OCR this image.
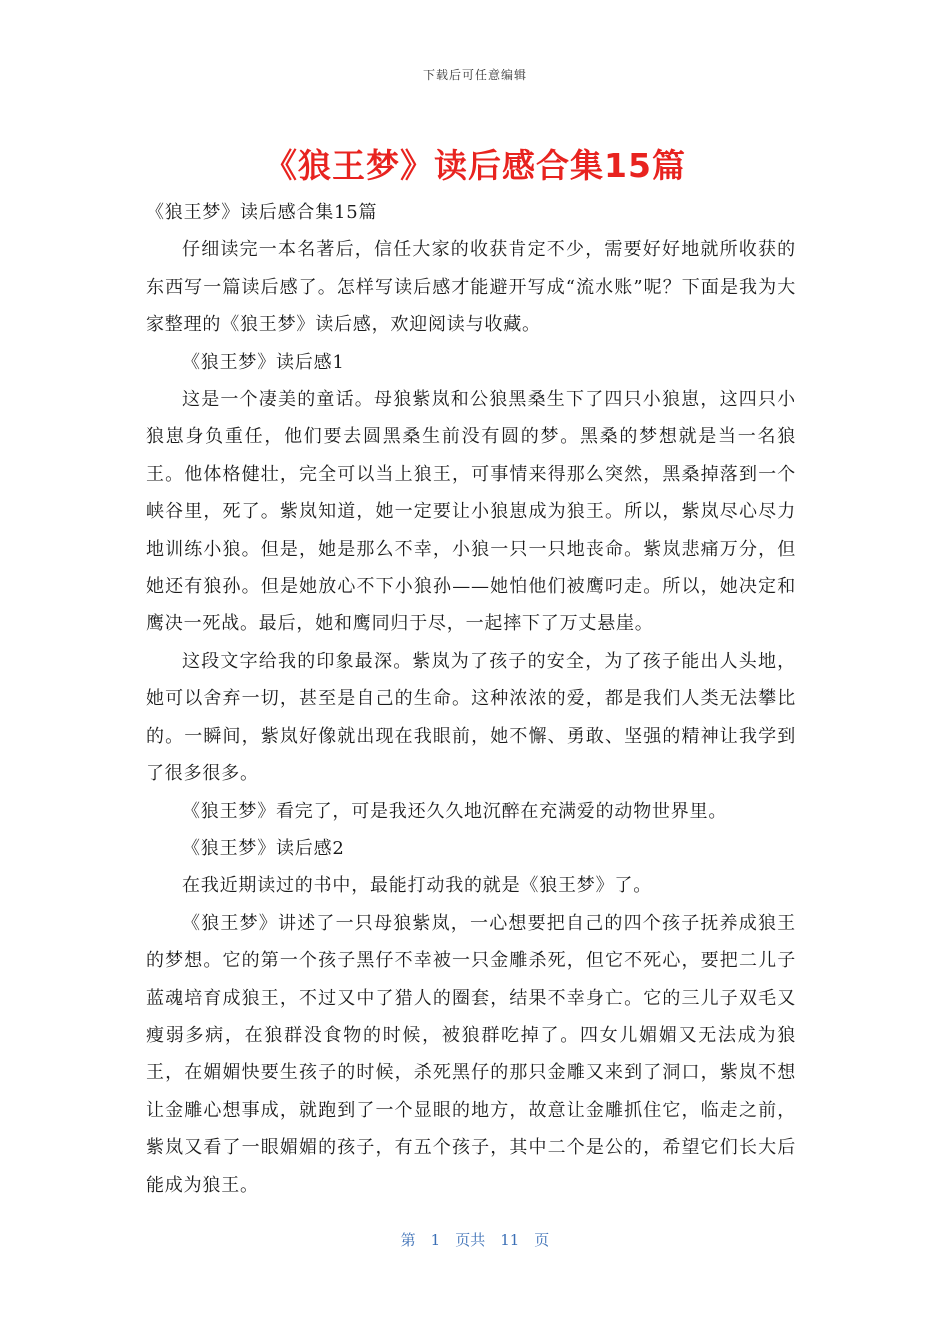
下载后可任意编辑
《狼王梦》读后感合集15篇

《狼王梦》读后感合集15篇

仔细读完一本名著后，信任大家的收获肯定不少，需要好好地就所收获的东西写一篇读后感了。怎样写读后感才能避开写成“流水账”呢？下面是我为大家整理的《狼王梦》读后感，欢迎阅读与收藏。

《狼王梦》读后感1

这是一个凄美的童话。母狼紫岚和公狼黑桑生下了四只小狼崽，这四只小狼崽身负重任，他们要去圆黑桑生前没有圆的梦。黑桑的梦想就是当一名狼王。他体格健壮，完全可以当上狼王，可事情来得那么突然，黑桑掉落到一个峡谷里，死了。紫岚知道，她一定要让小狼崽成为狼王。所以，紫岚尽心尽力地训练小狼。但是，她是那么不幸，小狼一只一只地丧命。紫岚悲痛万分，但她还有狼孙。但是她放心不下小狼孙——她怕他们被鹰叼走。所以，她决定和鹰决一死战。最后，她和鹰同归于尽，一起摔下了万丈悬崖。

这段文字给我的印象最深。紫岚为了孩子的安全，为了孩子能出人头地，她可以舍弃一切，甚至是自己的生命。这种浓浓的爱，都是我们人类无法攀比的。一瞬间，紫岚好像就出现在我眼前，她不懈、勇敢、坚强的精神让我学到了很多很多。

《狼王梦》看完了，可是我还久久地沉醉在充满爱的动物世界里。

《狼王梦》读后感2

在我近期读过的书中，最能打动我的就是《狼王梦》了。

《狼王梦》讲述了一只母狼紫岚，一心想要把自己的四个孩子抚养成狼王的梦想。它的第一个孩子黑仔不幸被一只金雕杀死，但它不死心，要把二儿子蓝魂培育成狼王，不过又中了猎人的圈套，结果不幸身亡。它的三儿子双毛又瘦弱多病，在狼群没食物的时候，被狼群吃掉了。四女儿媚媚又无法成为狼王，在媚媚快要生孩子的时候，杀死黑仔的那只金雕又来到了洞口，紫岚不想让金雕心想事成，就跑到了一个显眼的地方，故意让金雕抓住它，临走之前，紫岚又看了一眼媚媚的孩子，有五个孩子，其中二个是公的，希望它们长大后能成为狼王。

第　1　页共　11　页
